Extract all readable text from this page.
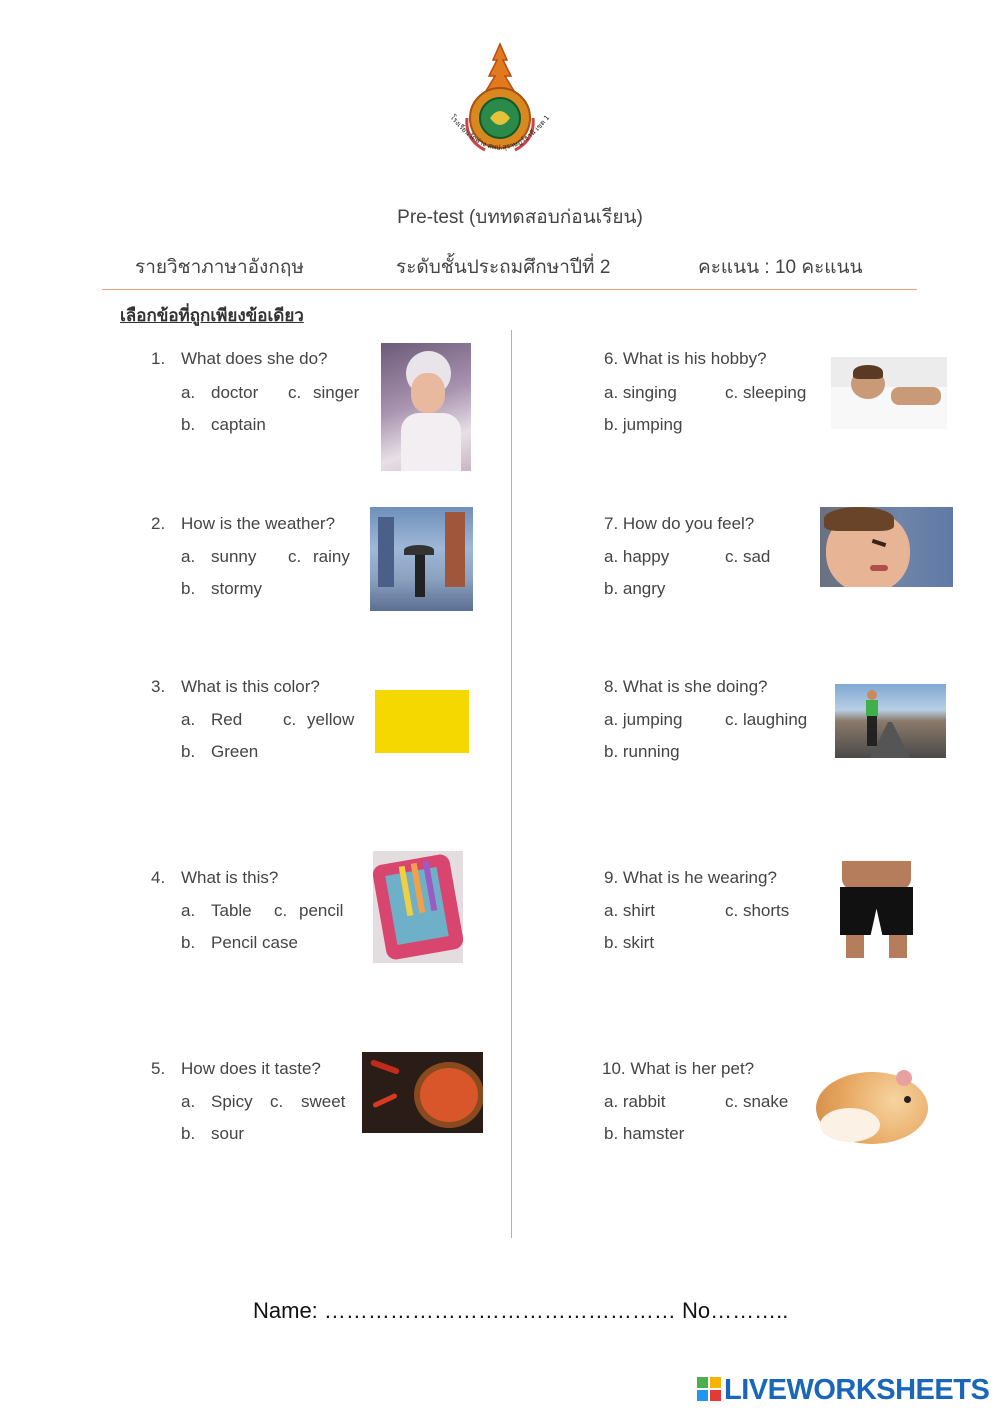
โรงเรียนวัดพ่าง สพป.สุราษฎร์ธานี เขต 1
Pre-test (บททดสอบก่อนเรียน)
รายวิชาภาษาอังกฤษ	ระดับชั้นประถมศึกษาปีที่ 2	คะแนน : 10 คะแนน
เลือกข้อที่ถูกเพียงข้อเดียว
1. What does she do?
a. doctor c. singer
b. captain
2. How is the weather?
a. sunny c. rainy
b. stormy
3. What is this color?
a. Red c. yellow
b. Green
4. What is this?
a. Table c. pencil
b. Pencil case
5. How does it taste?
a. Spicy c. sweet
b. sour
6. What is his hobby?
a. singing	c. sleeping
b. jumping
7. How do you feel?
a. happy	c. sad
b. angry
8. What is she doing?
a. jumping	c. laughing
b. running
9. What is he wearing?
a. shirt	c. shorts
b. skirt
10. What is her pet?
a. rabbit	c. snake
b. hamster
Name: ………………………………………… No………..
LIVEWORKSHEETS
